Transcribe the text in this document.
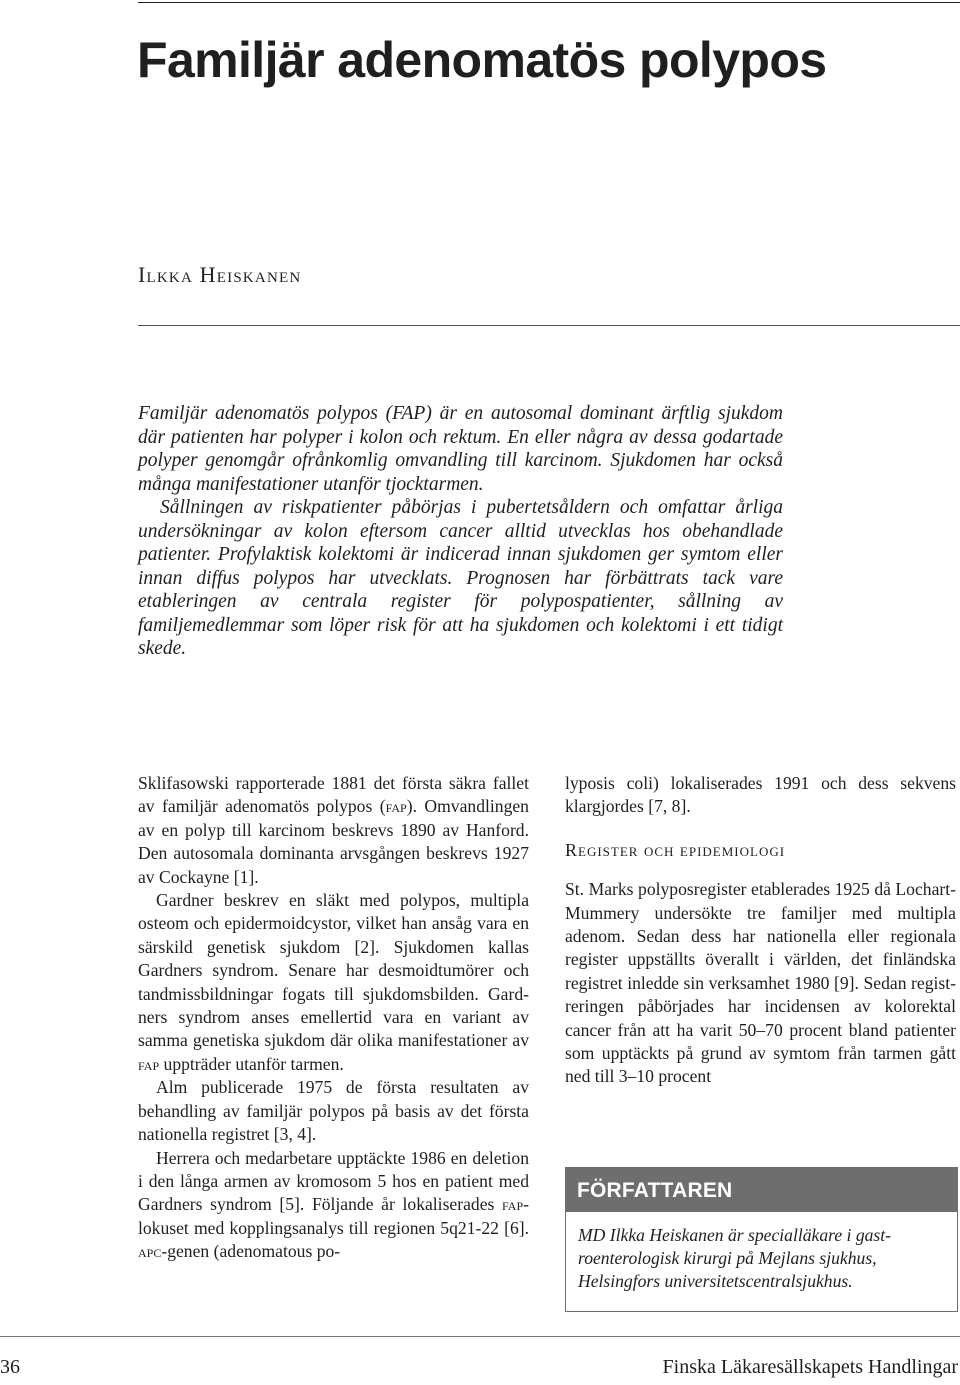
Familjär adenomatös polypos
Ilkka Heiskanen

Familjär adenomatös polypos (FAP) är en autosomal dominant ärftlig sjukdom där patienten har polyper i kolon och rektum. En eller några av dessa godartade polyper genomgår ofrånkomlig omvandling till karcinom. Sjukdomen har också många manifestationer utanför tjocktarmen.

Sållningen av riskpatienter påbörjas i pubertetsåldern och omfattar årliga undersökningar av kolon eftersom cancer alltid utvecklas hos obehandlade patienter. Profylaktisk kolektomi är indicerad innan sjukdomen ger symtom eller innan diffus polypos har utvecklats. Prognosen har förbättrats tack vare etableringen av centrala register för polypospatienter, sållning av familjemedlemmar som löper risk för att ha sjukdomen och kolektomi i ett tidigt skede.

Sklifasowski rapporterade 1881 det första säkra fallet av familjär adenomatös polypos (fap). Omvandlingen av en polyp till karcinom beskrevs 1890 av Hanford. Den autosomala dominanta arvsgången beskrevs 1927 av Cockayne [1].

Gardner beskrev en släkt med polypos, multipla osteom och epidermoidcystor, vilket han ansåg vara en särskild genetisk sjukdom [2]. Sjukdomen kallas Gardners syndrom. Senare har desmoidtumörer och tandmissbildningar fogats till sjukdomsbilden. Gardners syndrom anses emellertid vara en variant av samma genetiska sjukdom där olika manifestationer av fap uppträder utanför tarmen.

Alm publicerade 1975 de första resultaten av behandling av familjär polypos på basis av det första nationella registret [3, 4].

Herrera och medarbetare upptäckte 1986 en deletion i den långa armen av kromosom 5 hos en patient med Gardners syndrom [5]. Följande år lokaliserades fap-lokuset med kopplingsanalys till regionen 5q21-22 [6]. apc-genen (adenomatous po-

lyposis coli) lokaliserades 1991 och dess sekvens klargjordes [7, 8].

Register och epidemiologi

St. Marks polyposregister etablerades 1925 då Lochart-Mummery undersökte tre familjer med multipla adenom. Sedan dess har nationella eller regionala register uppställts överallt i världen, det finländska registret inledde sin verksamhet 1980 [9]. Sedan registreringen påbörjades har incidensen av kolorektal cancer från att ha varit 50–70 procent bland patienter som upptäckts på grund av symtom från tarmen gått ned till 3–10 procent

FÖRFATTAREN
MD Ilkka Heiskanen är specialläkare i gastroenterologisk kirurgi på Mejlans sjukhus, Helsingfors universitetscentralsjukhus.
36	Finska Läkaresällskapets Handlingar
